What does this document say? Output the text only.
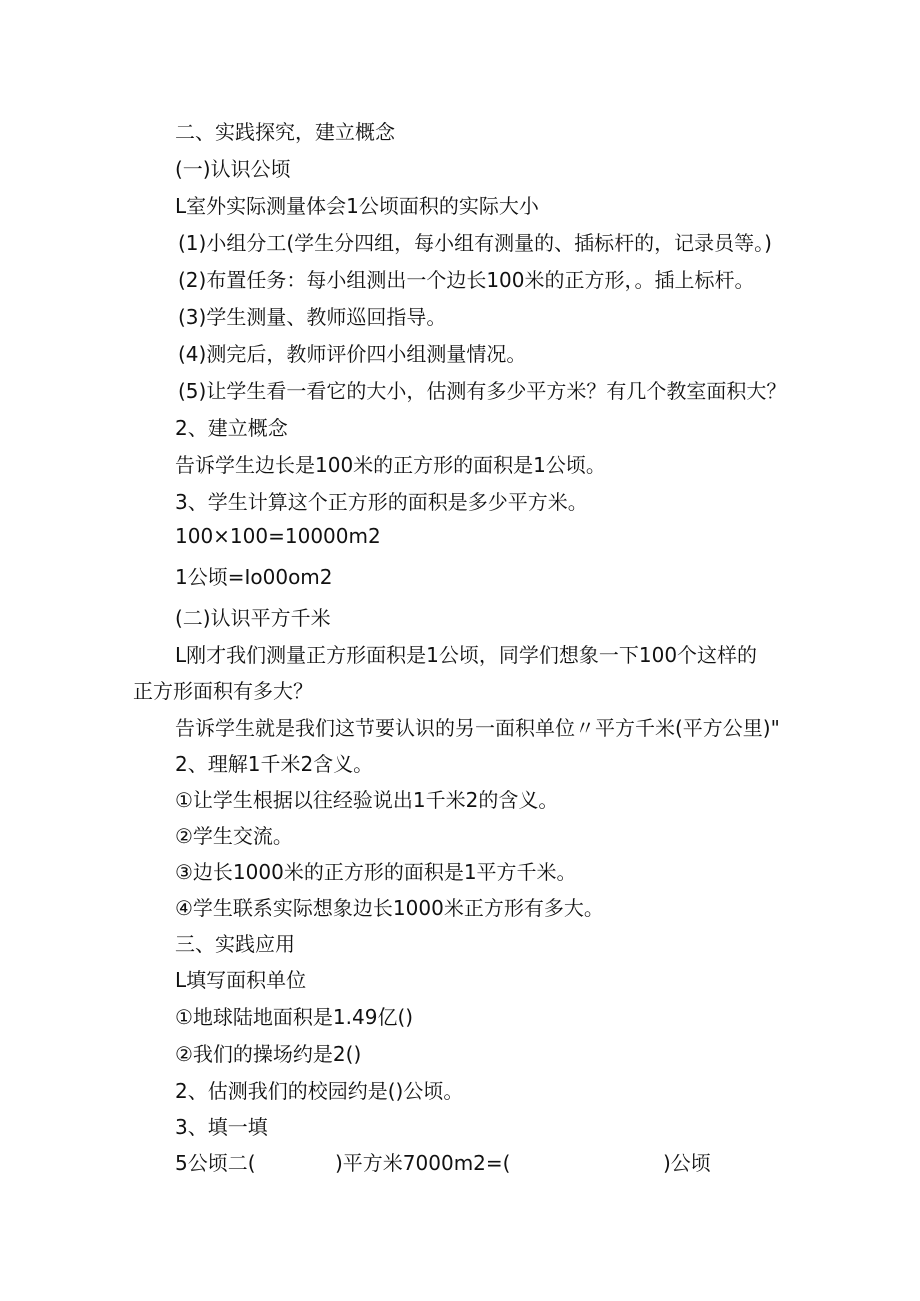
二、实践探究，建立概念
(一)认识公顷
L室外实际测量体会1公顷面积的实际大小
(1)小组分工(学生分四组，每小组有测量的、插标杆的，记录员等。)
(2)布置任务：每小组测出一个边长100米的正方形，。插上标杆。
(3)学生测量、教师巡回指导。
(4)测完后，教师评价四小组测量情况。
(5)让学生看一看它的大小，估测有多少平方米？有几个教室面积大？
2、建立概念
告诉学生边长是100米的正方形的面积是1公顷。
3、学生计算这个正方形的面积是多少平方米。
100×100=10000m2
1公顷=Io00om2
(二)认识平方千米
L刚才我们测量正方形面积是1公顷，同学们想象一下100个这样的
正方形面积有多大？
告诉学生就是我们这节要认识的另一面积单位〃平方千米(平方公里)"
2、理解1千米2含义。
①让学生根据以往经验说出1千米2的含义。
②学生交流。
③边长1000米的正方形的面积是1平方千米。
④学生联系实际想象边长1000米正方形有多大。
三、实践应用
L填写面积单位
①地球陆地面积是1.49亿()
②我们的操场约是2()
2、估测我们的校园约是()公顷。
3、填一填
5公顷二(	)平方米7000m2=(	)公顷
